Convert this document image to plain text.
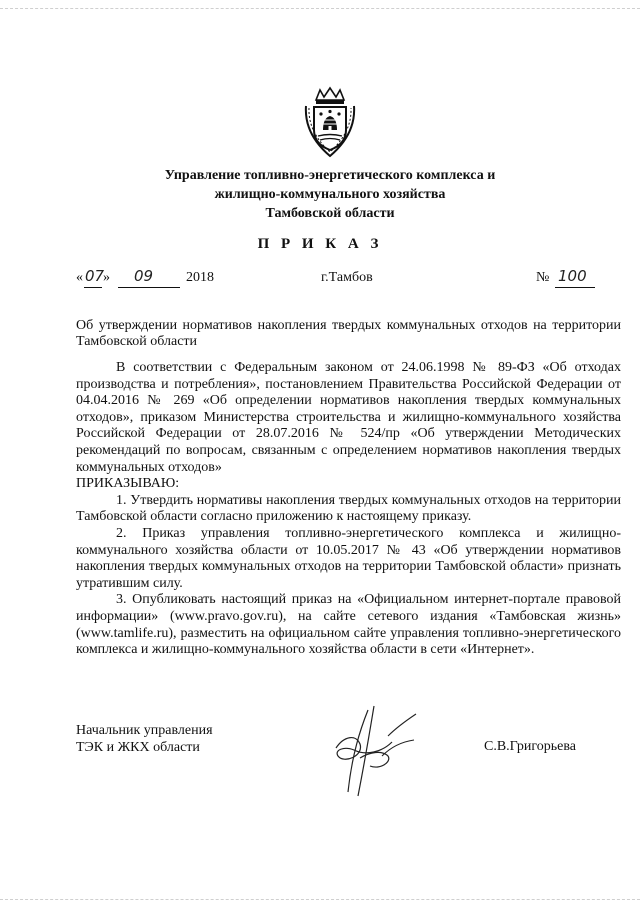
Управление топливно-энергетического комплекса и
жилищно-коммунального хозяйства
Тамбовской области
П Р И К А З
« 07
» 09 2018	г.Тамбов	№ 100
Об утверждении нормативов накопления твердых коммунальных отходов на территории Тамбовской области

В соответствии с Федеральным законом от 24.06.1998 № 89-ФЗ «Об отходах производства и потребления», постановлением Правительства Российской Федерации от 04.04.2016 № 269 «Об определении нормативов накопления твердых коммунальных отходов», приказом Министерства строительства и жилищно-коммунального хозяйства Российской Федерации от 28.07.2016 № 524/пр «Об утверждении Методических рекомендаций по вопросам, связанным с определением нормативов накопления твердых коммунальных отходов»

ПРИКАЗЫВАЮ:

1. Утвердить нормативы накопления твердых коммунальных отходов на территории Тамбовской области согласно приложению к настоящему приказу.

2. Приказ управления топливно-энергетического комплекса и жилищно-коммунального хозяйства области от 10.05.2017 № 43 «Об утверждении нормативов накопления твердых коммунальных отходов на территории Тамбовской области» признать утратившим силу.

3. Опубликовать настоящий приказ на «Официальном интернет-портале правовой информации» (www.pravo.gov.ru), на сайте сетевого издания «Тамбовская жизнь» (www.tamlife.ru), разместить на официальном сайте управления топливно-энергетического комплекса и жилищно-коммунального хозяйства области в сети «Интернет».

Начальник управления
ТЭК и ЖКХ области	С.В.Григорьева
